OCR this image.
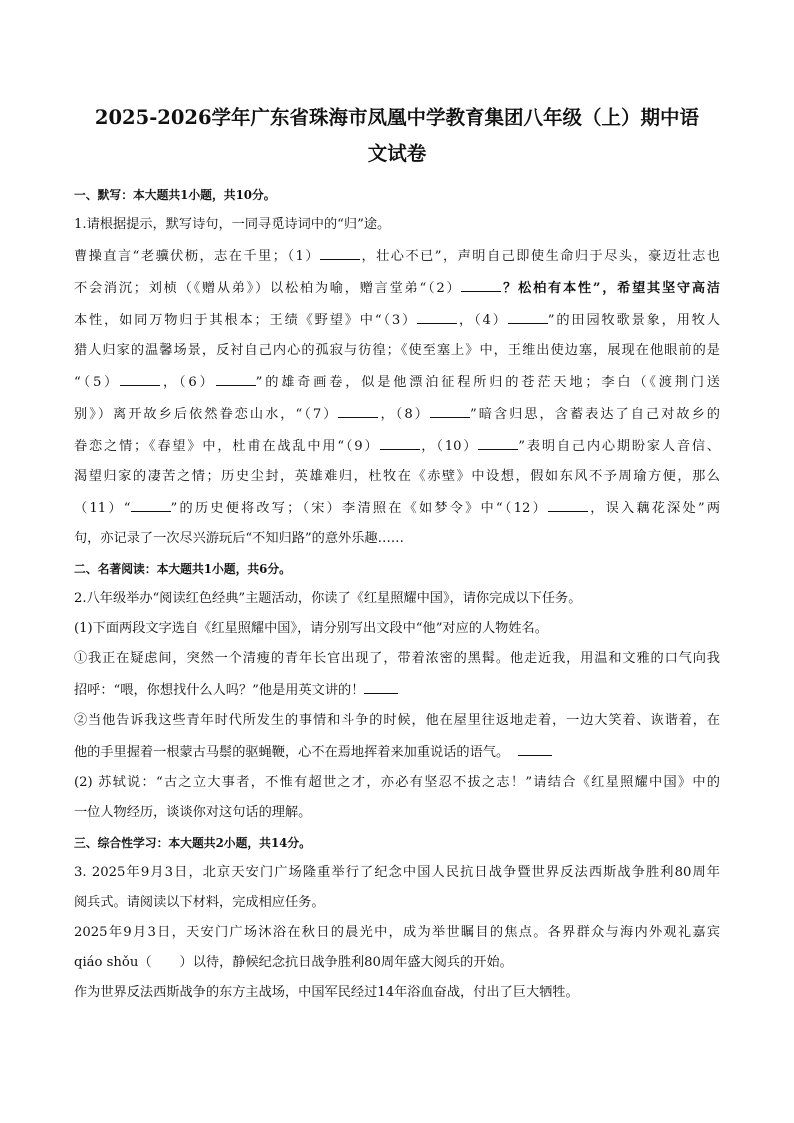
2025-2026学年广东省珠海市凤凰中学教育集团八年级（上）期中语
文试卷
一、默写：本大题共1小题，共10分。
1.请根据提示，默写诗句，一同寻觅诗词中的“归”途。
曹操直言“老骥伏枥，志在千里；（1）	，壮心不已”，声明自己即使生命归于尽头，豪迈壮志也
不会消沉；刘桢（《赠从弟》）以松柏为喻，赠言堂弟“（2）	？松柏有本性”，希望其坚守高洁
本性，如同万物归于其根本；王绩《野望》中“（3）	，（4）	”的田园牧歌景象，用牧人
猎人归家的温馨场景，反衬自己内心的孤寂与彷徨；《使至塞上》中，王维出使边塞，展现在他眼前的是
“（5）	，（6）	”的雄奇画卷，似是他漂泊征程所归的苍茫天地；李白（《渡荆门送
别》）离开故乡后依然眷恋山水，“（7）	，（8）	”暗含归思，含蓄表达了自己对故乡的
眷恋之情；《春望》中，杜甫在战乱中用“（9）	，（10）	”表明自己内心期盼家人音信、
渴望归家的凄苦之情；历史尘封，英雄难归，杜牧在《赤壁》中设想，假如东风不予周瑜方便，那么
（11）“	”的历史便将改写；（宋）李清照在《如梦令》中“（12）	，误入藕花深处”两
句，亦记录了一次尽兴游玩后“不知归路”的意外乐趣……
二、名著阅读：本大题共1小题，共6分。
2.八年级举办“阅读红色经典”主题活动，你读了《红星照耀中国》，请你完成以下任务。
(1)下面两段文字选自《红星照耀中国》，请分别写出文段中“他”对应的人物姓名。
①我正在疑虑间，突然一个清瘦的青年长官出现了，带着浓密的黑髯。他走近我，用温和文雅的口气向我
招呼：“喂，你想找什么人吗？”他是用英文讲的！
②当他告诉我这些青年时代所发生的事情和斗争的时候，他在屋里往返地走着，一边大笑着、诙谐着，在
他的手里握着一根蒙古马鬃的驱蝇鞭，心不在焉地挥着来加重说话的语气。
(2) 苏轼说：“古之立大事者，不惟有超世之才，亦必有坚忍不拔之志！”请结合《红星照耀中国》中的
一位人物经历，谈谈你对这句话的理解。
三、综合性学习：本大题共2小题，共14分。
3. 2025年9月3日，北京天安门广场隆重举行了纪念中国人民抗日战争暨世界反法西斯战争胜利80周年
阅兵式。请阅读以下材料，完成相应任务。
2025年9月3日，天安门广场沐浴在秋日的晨光中，成为举世瞩目的焦点。各界群众与海内外观礼嘉宾
qiáo shǒu（ ）以待，静候纪念抗日战争胜利80周年盛大阅兵的开始。
作为世界反法西斯战争的东方主战场，中国军民经过14年浴血奋战，付出了巨大牺牲。
